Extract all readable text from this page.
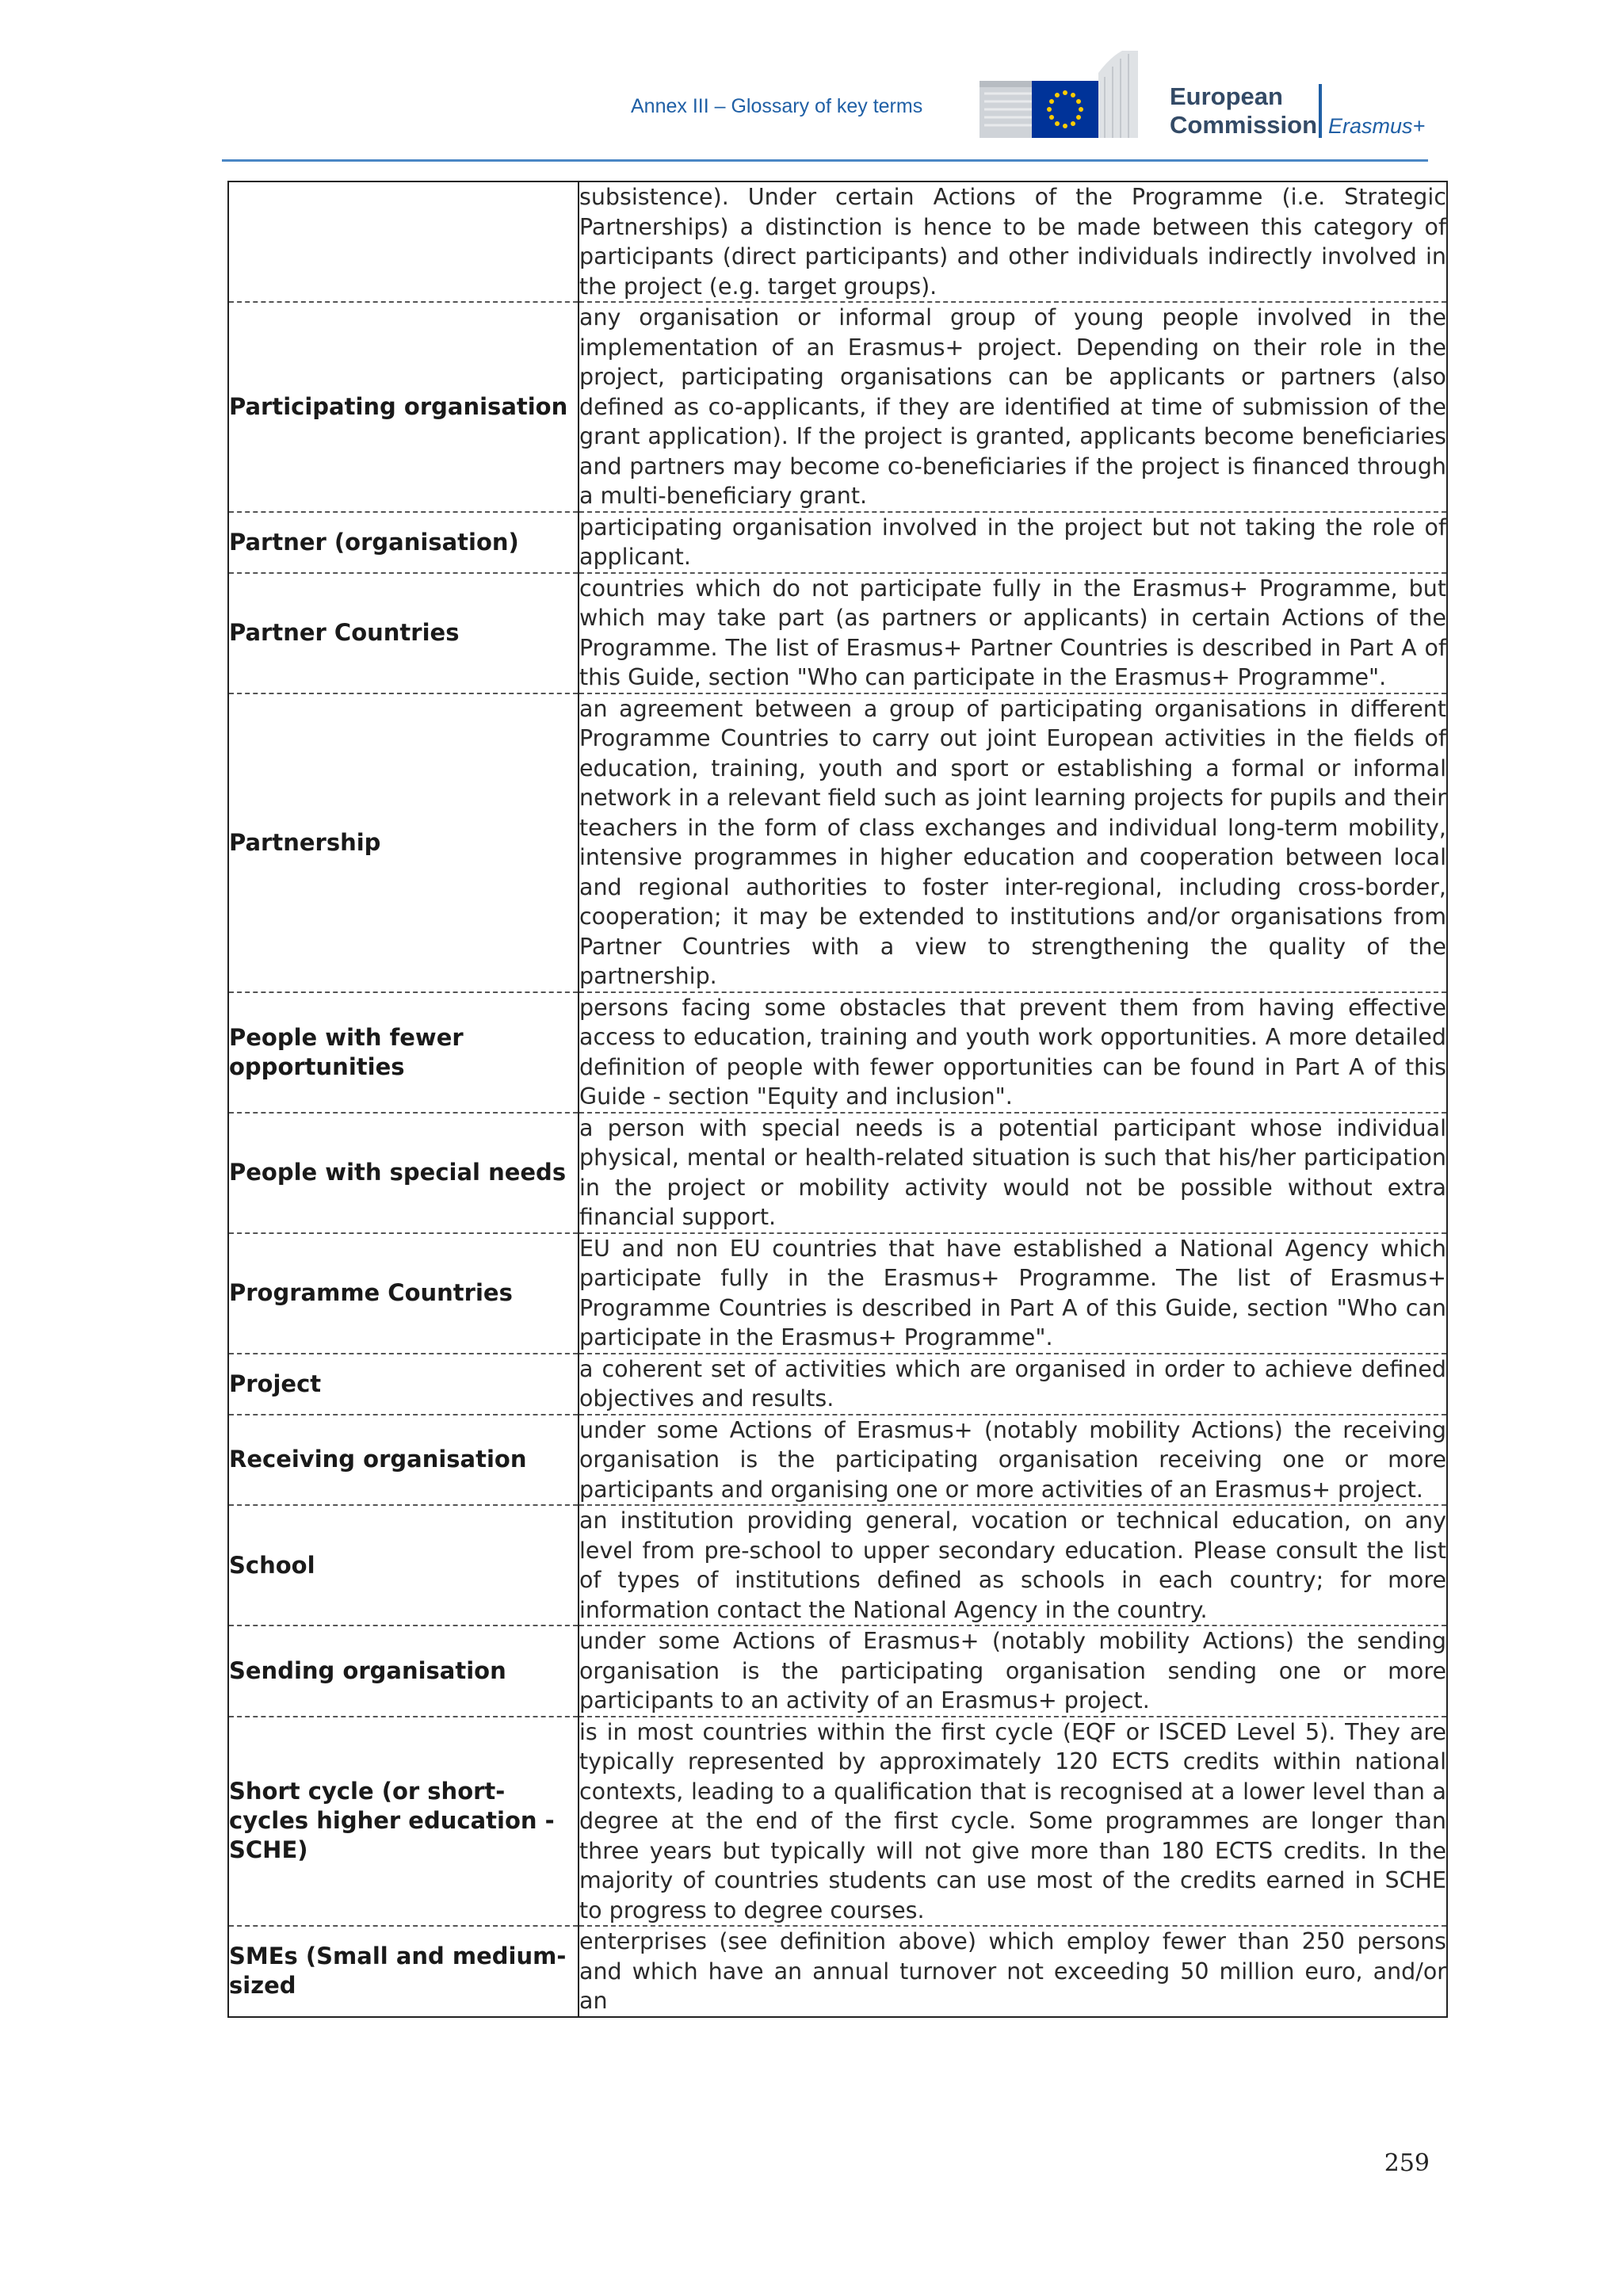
Annex III – Glossary of key terms	European
Commission Erasmus+
	subsistence). Under certain Actions of the Programme (i.e. Strategic Partnerships) a distinction is hence to be made between this category of participants (direct participants) and other individuals indirectly involved in the project (e.g. target groups).
Participating organisation	any organisation or informal group of young people involved in the implementation of an Erasmus+ project. Depending on their role in the project, participating organisations can be applicants or partners (also defined as co-applicants, if they are identified at time of submission of the grant application). If the project is granted, applicants become beneficiaries and partners may become co-beneficiaries if the project is financed through a multi-beneficiary grant.
Partner (organisation)	participating organisation involved in the project but not taking the role of applicant.
Partner Countries	countries which do not participate fully in the Erasmus+ Programme, but which may take part (as partners or applicants) in certain Actions of the Programme. The list of Erasmus+ Partner Countries is described in Part A of this Guide, section "Who can participate in the Erasmus+ Programme".
Partnership	an agreement between a group of participating organisations in different Programme Countries to carry out joint European activities in the fields of education, training, youth and sport or establishing a formal or informal network in a relevant field such as joint learning projects for pupils and their teachers in the form of class exchanges and individual long-term mobility, intensive programmes in higher education and cooperation between local and regional authorities to foster inter-regional, including cross-border, cooperation; it may be extended to institutions and/or organisations from Partner Countries with a view to strengthening the quality of the partnership.
People with fewer opportunities	persons facing some obstacles that prevent them from having effective access to education, training and youth work opportunities. A more detailed definition of people with fewer opportunities can be found in Part A of this Guide - section "Equity and inclusion".
People with special needs	a person with special needs is a potential participant whose individual physical, mental or health-related situation is such that his/her participation in the project or mobility activity would not be possible without extra financial support.
Programme Countries	EU and non EU countries that have established a National Agency which participate fully in the Erasmus+ Programme. The list of Erasmus+ Programme Countries is described in Part A of this Guide, section "Who can participate in the Erasmus+ Programme".
Project	a coherent set of activities which are organised in order to achieve defined objectives and results.
Receiving organisation	under some Actions of Erasmus+ (notably mobility Actions) the receiving organisation is the participating organisation receiving one or more participants and organising one or more activities of an Erasmus+ project.
School	an institution providing general, vocation or technical education, on any level from pre-school to upper secondary education. Please consult the list of types of institutions defined as schools in each country; for more information contact the National Agency in the country.
Sending organisation	under some Actions of Erasmus+ (notably mobility Actions) the sending organisation is the participating organisation sending one or more participants to an activity of an Erasmus+ project.
Short cycle (or short-cycles higher education - SCHE)	is in most countries within the first cycle (EQF or ISCED Level 5). They are typically represented by approximately 120 ECTS credits within national contexts, leading to a qualification that is recognised at a lower level than a degree at the end of the first cycle. Some programmes are longer than three years but typically will not give more than 180 ECTS credits. In the majority of countries students can use most of the credits earned in SCHE to progress to degree courses.
SMEs (Small and medium-sized	enterprises (see definition above) which employ fewer than 250 persons and which have an annual turnover not exceeding 50 million euro, and/or an
259
